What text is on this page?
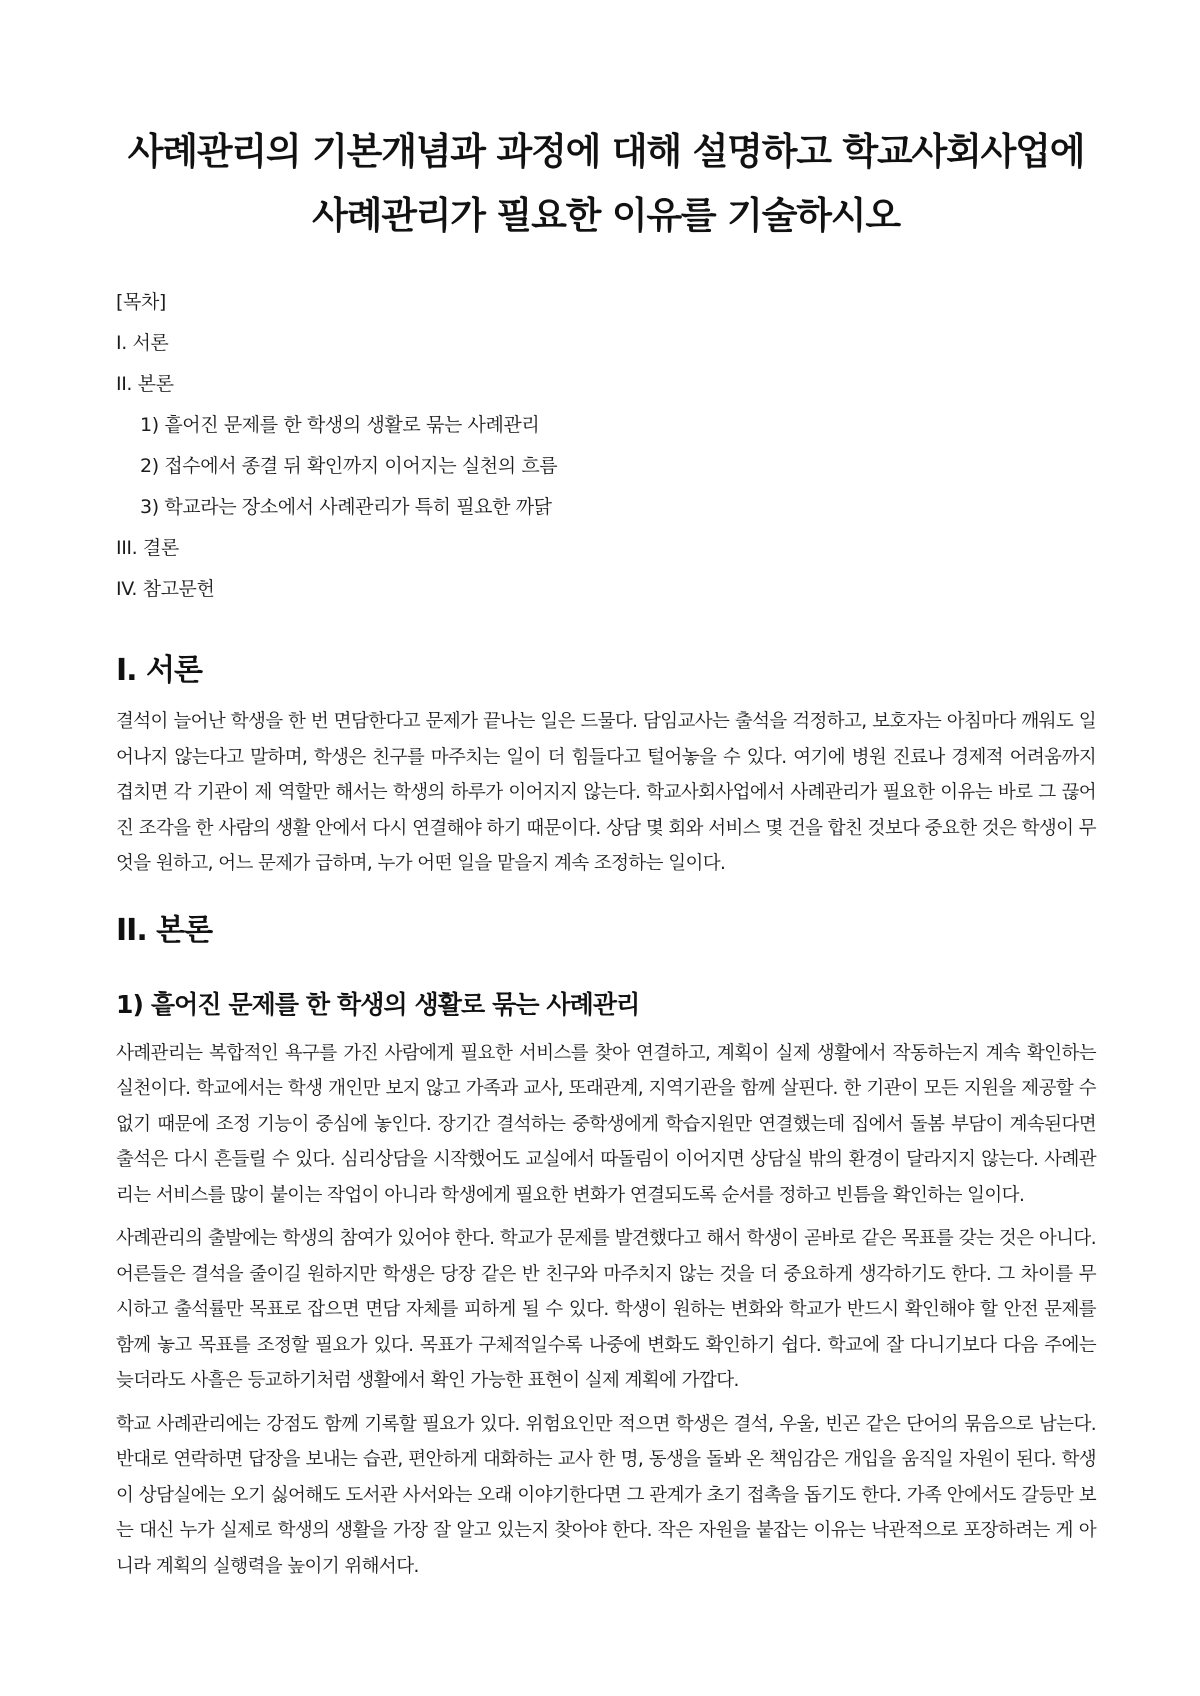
사례관리의 기본개념과 과정에 대해 설명하고 학교사회사업에
사례관리가 필요한 이유를 기술하시오
[목차]
I. 서론
II. 본론
1) 흩어진 문제를 한 학생의 생활로 묶는 사례관리
2) 접수에서 종결 뒤 확인까지 이어지는 실천의 흐름
3) 학교라는 장소에서 사례관리가 특히 필요한 까닭
III. 결론
IV. 참고문헌
I. 서론

결석이 늘어난 학생을 한 번 면담한다고 문제가 끝나는 일은 드물다. 담임교사는 출석을 걱정하고, 보호자는 아침마다 깨워도 일어나지 않는다고 말하며, 학생은 친구를 마주치는 일이 더 힘들다고 털어놓을 수 있다. 여기에 병원 진료나 경제적 어려움까지 겹치면 각 기관이 제 역할만 해서는 학생의 하루가 이어지지 않는다. 학교사회사업에서 사례관리가 필요한 이유는 바로 그 끊어진 조각을 한 사람의 생활 안에서 다시 연결해야 하기 때문이다. 상담 몇 회와 서비스 몇 건을 합친 것보다 중요한 것은 학생이 무엇을 원하고, 어느 문제가 급하며, 누가 어떤 일을 맡을지 계속 조정하는 일이다.

II. 본론
1) 흩어진 문제를 한 학생의 생활로 묶는 사례관리

사례관리는 복합적인 욕구를 가진 사람에게 필요한 서비스를 찾아 연결하고, 계획이 실제 생활에서 작동하는지 계속 확인하는 실천이다. 학교에서는 학생 개인만 보지 않고 가족과 교사, 또래관계, 지역기관을 함께 살핀다. 한 기관이 모든 지원을 제공할 수 없기 때문에 조정 기능이 중심에 놓인다. 장기간 결석하는 중학생에게 학습지원만 연결했는데 집에서 돌봄 부담이 계속된다면 출석은 다시 흔들릴 수 있다. 심리상담을 시작했어도 교실에서 따돌림이 이어지면 상담실 밖의 환경이 달라지지 않는다. 사례관리는 서비스를 많이 붙이는 작업이 아니라 학생에게 필요한 변화가 연결되도록 순서를 정하고 빈틈을 확인하는 일이다.

사례관리의 출발에는 학생의 참여가 있어야 한다. 학교가 문제를 발견했다고 해서 학생이 곧바로 같은 목표를 갖는 것은 아니다. 어른들은 결석을 줄이길 원하지만 학생은 당장 같은 반 친구와 마주치지 않는 것을 더 중요하게 생각하기도 한다. 그 차이를 무시하고 출석률만 목표로 잡으면 면담 자체를 피하게 될 수 있다. 학생이 원하는 변화와 학교가 반드시 확인해야 할 안전 문제를 함께 놓고 목표를 조정할 필요가 있다. 목표가 구체적일수록 나중에 변화도 확인하기 쉽다. 학교에 잘 다니기보다 다음 주에는 늦더라도 사흘은 등교하기처럼 생활에서 확인 가능한 표현이 실제 계획에 가깝다.

학교 사례관리에는 강점도 함께 기록할 필요가 있다. 위험요인만 적으면 학생은 결석, 우울, 빈곤 같은 단어의 묶음으로 남는다. 반대로 연락하면 답장을 보내는 습관, 편안하게 대화하는 교사 한 명, 동생을 돌봐 온 책임감은 개입을 움직일 자원이 된다. 학생이 상담실에는 오기 싫어해도 도서관 사서와는 오래 이야기한다면 그 관계가 초기 접촉을 돕기도 한다. 가족 안에서도 갈등만 보는 대신 누가 실제로 학생의 생활을 가장 잘 알고 있는지 찾아야 한다. 작은 자원을 붙잡는 이유는 낙관적으로 포장하려는 게 아니라 계획의 실행력을 높이기 위해서다.
